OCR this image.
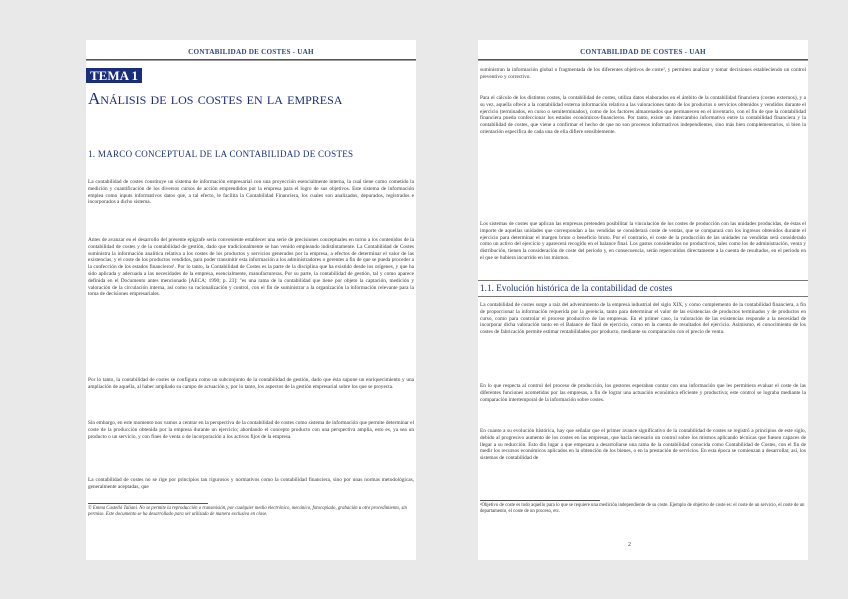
CONTABILIDAD DE COSTES - UAH
TEMA 1
Análisis de los costes en la empresa
1. MARCO CONCEPTUAL DE LA CONTABILIDAD DE COSTES

La contabilidad de costes constituye un sistema de información empresarial con una proyección esencialmente interna, la cual tiene como cometido la medición y cuantificación de los diversos cursos de acción emprendidos por la empresa para el logro de sus objetivos. Este sistema de información emplea como inputs informativos datos que, a tal efecto, le facilita la Contabilidad Financiera, los cuales son analizados, depurados, registrados e incorporados a dicho sistema.

Antes de avanzar en el desarrollo del presente epígrafe sería conveniente establecer una serie de precisiones conceptuales en torno a los contenidos de la contabilidad de costes y de la contabilidad de gestión, dado que tradicionalmente se han venido empleando indistintamente. La Contabilidad de Costes suministra la información analítica relativa a los costes de los productos y servicios generados por la empresa, a efectos de determinar el valor de las existencias, y el coste de los productos vendidos, para poder transmitir esta información a los administradores o gerentes a fin de que se pueda proceder a la confección de los estados financieros¹. Por lo tanto, la Contabilidad de Costes es la parte de la disciplina que ha existido desde los orígenes, y que ha sido aplicada y adecuada a las necesidades de la empresa, esencialmente, manufactureras. Por su parte, la contabilidad de gestión, tal y como aparece definida en el Documento antes mencionado [AECA; 1990; p. 23]: "es una rama de la contabilidad que tiene por objeto la captación, medición y valoración de la circulación interna, así como su racionalización y control, con el fin de suministrar a la organización la información relevante para la toma de decisiones empresariales.

Por lo tanto, la contabilidad de costes se configura como un subconjunto de la contabilidad de gestión, dado que ésta supone un enriquecimiento y una ampliación de aquella, al haber ampliado su campo de actuación y, por lo tanto, los aspectos de la gestión empresarial sobre los que se proyecta.

Sin embargo, en este momento nos vamos a centrar en la perspectiva de la contabilidad de costes como sistema de información que permite determinar el coste de la producción obtenida por la empresa durante un ejercicio; abordando el concepto producto con una perspectiva amplia, esto es, ya sea un producto o un servicio, y con fines de venta o de incorporación a los activos fijos de la empresa.

La contabilidad de costes no se rige por principios tan rigurosos y normativos como la contabilidad financiera, sino por unas normas metodológicas, generalmente aceptadas, que

© Emma Castelló Taliani. No se permite la reproducción o transmisión, por cualquier medio electrónico, mecánico, fotocopiado, grabación u otro procedimiento, sin permiso. Este documento se ha desarrollado para ser utilizado de manera exclusiva en clase.
CONTABILIDAD DE COSTES - UAH

suministran la información global o fragmentada de los diferentes objetivos de coste², y permiten analizar y tomar decisiones estableciendo un control preventivo y correctivo.

Para el cálculo de los distintos costes, la contabilidad de costes, utiliza datos elaborados en el ámbito de la contabilidad financiera (costes externos), y a su vez, aquella ofrece a la contabilidad externa información relativa a las valoraciones tanto de los productos o servicios obtenidos y vendidos durante el ejercicio (terminados, en curso o semiterminados), como de los factores almacenados que permanecen en el inventario, con el fin de que la contabilidad financiera pueda confeccionar los estados económicos-financieros. Por tanto, existe un intercambio informativo entre la contabilidad financiera y la contabilidad de costes, que viene a confirmar el hecho de que no son procesos informativos independientes, sino más bien complementarios, si bien la orientación específica de cada una de ella difiere sensiblemente.

Los sistemas de costes que aplican las empresas pretenden posibilitar la vinculación de los costes de producción con las unidades producidas, de éstas el importe de aquellas unidades que correspondan a las vendidas se considerará coste de ventas, que se comparará con los ingresos obtenidos durante el ejercicio para determinar el margen bruto o beneficio bruto. Por el contrario, el coste de la producción de las unidades no vendidas será considerado como un activo del ejercicio y aparecerá recogido en el balance final. Los gastos considerados no productivos, tales como los de administración, venta y distribución, tienen la consideración de coste del periodo y, en consecuencia, serán repercutidos directamente a la cuenta de resultados, en el periodo en el que se hubiera incurrido en los mismos.

1.1. Evolución histórica de la contabilidad de costes

La contabilidad de costes surge a raíz del advenimiento de la empresa industrial del siglo XIX, y como complemento de la contabilidad financiera, a fin de proporcionar la información requerida por la gerencia, tanto para determinar el valor de las existencias de productos terminados y de productos en curso, como para controlar el proceso productivo de las empresas. En el primer caso, la valoración de las existencias responde a la necesidad de incorporar dicha valoración tanto en el Balance de final de ejercicio, como en la cuenta de resultados del ejercicio. Asimismo, el conocimiento de los costes de fabricación permite estimar rentabilidades por producto, mediante su comparación con el precio de venta.

En lo que respecta al control del proceso de producción, los gestores esperaban contar con una información que les permitiera evaluar el coste de las diferentes funciones acometidas por las empresas, a fin de lograr una actuación económica eficiente y productiva; este control se lograba mediante la comparación intertemporal de la información sobre costes.

En cuanto a su evolución histórica, hay que señalar que el primer avance significativo de la contabilidad de costes se registró a principios de este siglo, debido al progresivo aumento de los costes en las empresas, que hacía necesario un control sobre los mismos aplicando técnicas que fuesen capaces de llegar a su reducción. Esto dio lugar a que empezara a desarrollarse una rama de la contabilidad conocida como Contabilidad de Costes, con el fin de medir los recursos económicos aplicados en la obtención de los bienes, o en la prestación de servicios. En esta época se comienzan a desarrollar, así, los sistemas de contabilidad de

²Objetivo de coste es todo aquello para lo que se requiere una medición independiente de su coste. Ejemplo de objetivo de coste es: el coste de un servicio, el coste de un departamento, el coste de un proceso, etc.
2
